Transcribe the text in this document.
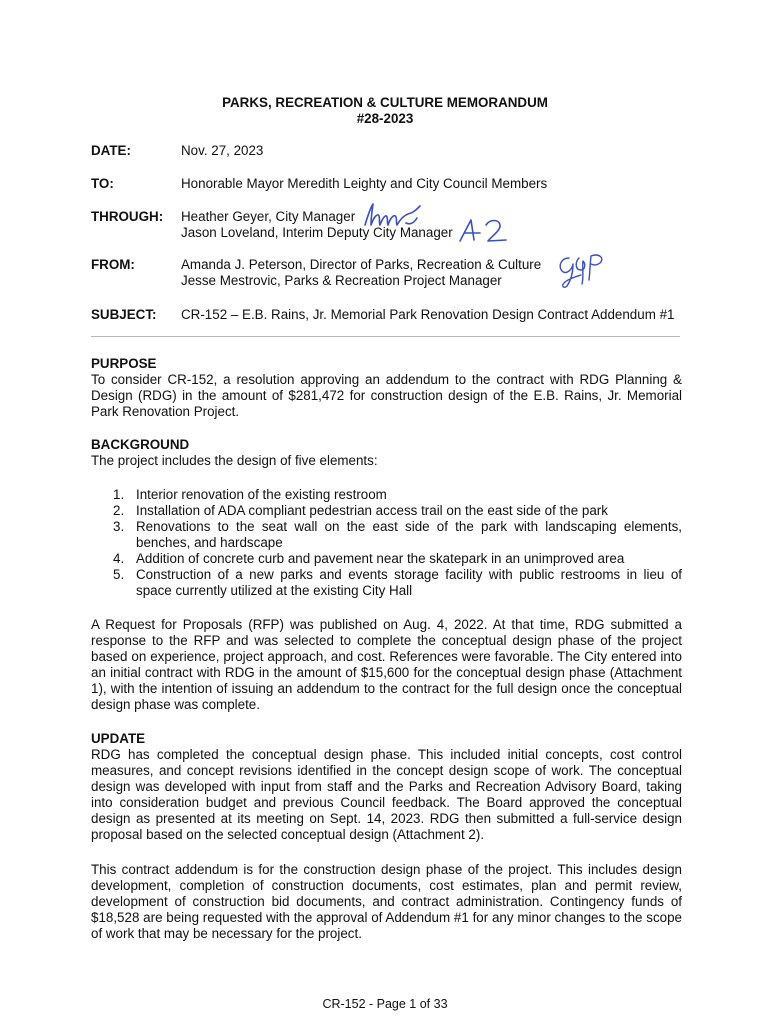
PARKS, RECREATION & CULTURE MEMORANDUM
#28-2023
DATE:	Nov. 27, 2023
TO:	Honorable Mayor Meredith Leighty and City Council Members
THROUGH: Heather Geyer, City Manager
Jason Loveland, Interim Deputy City Manager
FROM:	Amanda J. Peterson, Director of Parks, Recreation & Culture
Jesse Mestrovic, Parks & Recreation Project Manager
SUBJECT: CR-152 – E.B. Rains, Jr. Memorial Park Renovation Design Contract Addendum #1
PURPOSE
To consider CR-152, a resolution approving an addendum to the contract with RDG Planning & Design (RDG) in the amount of $281,472 for construction design of the E.B. Rains, Jr. Memorial Park Renovation Project.
BACKGROUND
The project includes the design of five elements:
1. Interior renovation of the existing restroom
2. Installation of ADA compliant pedestrian access trail on the east side of the park
3. Renovations to the seat wall on the east side of the park with landscaping elements, benches, and hardscape
4. Addition of concrete curb and pavement near the skatepark in an unimproved area
5. Construction of a new parks and events storage facility with public restrooms in lieu of space currently utilized at the existing City Hall
A Request for Proposals (RFP) was published on Aug. 4, 2022. At that time, RDG submitted a response to the RFP and was selected to complete the conceptual design phase of the project based on experience, project approach, and cost. References were favorable. The City entered into an initial contract with RDG in the amount of $15,600 for the conceptual design phase (Attachment 1), with the intention of issuing an addendum to the contract for the full design once the conceptual design phase was complete.
UPDATE
RDG has completed the conceptual design phase. This included initial concepts, cost control measures, and concept revisions identified in the concept design scope of work. The conceptual design was developed with input from staff and the Parks and Recreation Advisory Board, taking into consideration budget and previous Council feedback. The Board approved the conceptual design as presented at its meeting on Sept. 14, 2023. RDG then submitted a full-service design proposal based on the selected conceptual design (Attachment 2).
This contract addendum is for the construction design phase of the project. This includes design development, completion of construction documents, cost estimates, plan and permit review, development of construction bid documents, and contract administration. Contingency funds of $18,528 are being requested with the approval of Addendum #1 for any minor changes to the scope of work that may be necessary for the project.
CR-152 - Page 1 of 33
